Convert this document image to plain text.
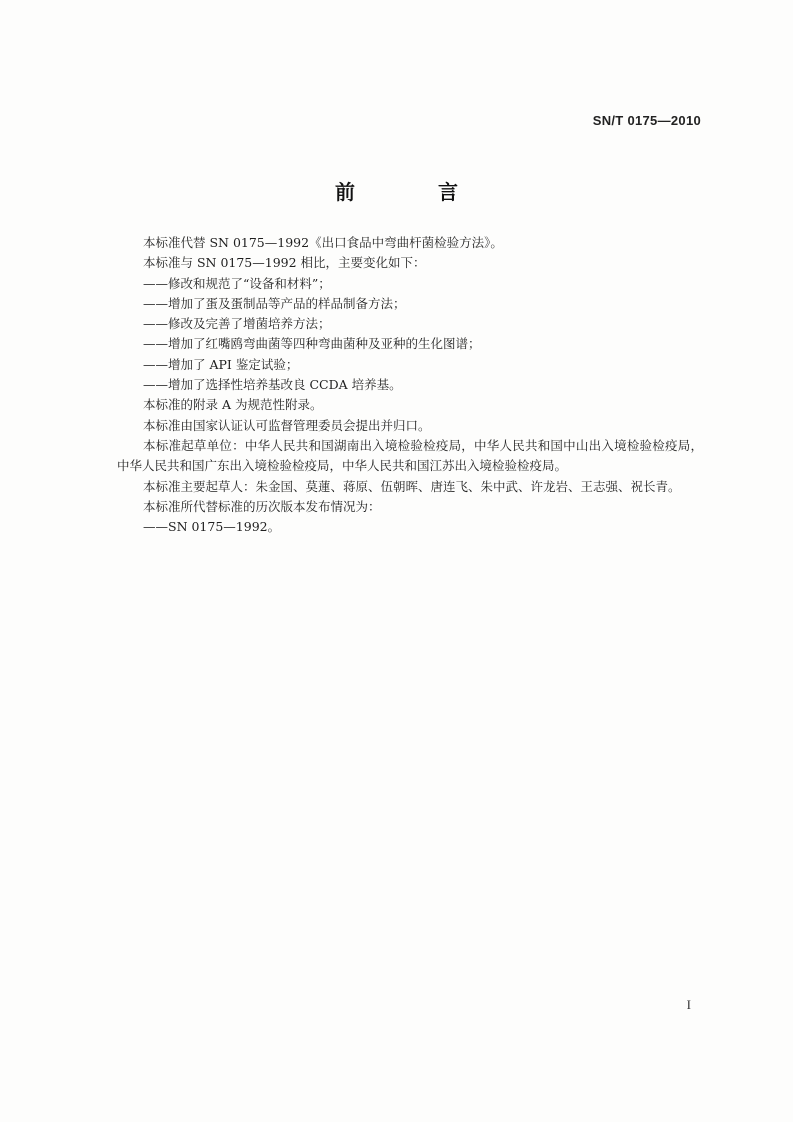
SN/T 0175—2010
前 言

本标准代替 SN 0175—1992《出口食品中弯曲杆菌检验方法》。

本标准与 SN 0175—1992 相比，主要变化如下：

——修改和规范了“设备和材料”；

——增加了蛋及蛋制品等产品的样品制备方法；

——修改及完善了增菌培养方法；

——增加了红嘴鸥弯曲菌等四种弯曲菌种及亚种的生化图谱；

——增加了 API 鉴定试验；

——增加了选择性培养基改良 CCDA 培养基。

本标准的附录 A 为规范性附录。

本标准由国家认证认可监督管理委员会提出并归口。

本标准起草单位：中华人民共和国湖南出入境检验检疫局，中华人民共和国中山出入境检验检疫局，中华人民共和国广东出入境检验检疫局，中华人民共和国江苏出入境检验检疫局。

本标准主要起草人：朱金国、莫蓮、蒋原、伍朝晖、唐连飞、朱中武、许龙岩、王志强、祝长青。

本标准所代替标准的历次版本发布情况为：

——SN 0175—1992。

I
